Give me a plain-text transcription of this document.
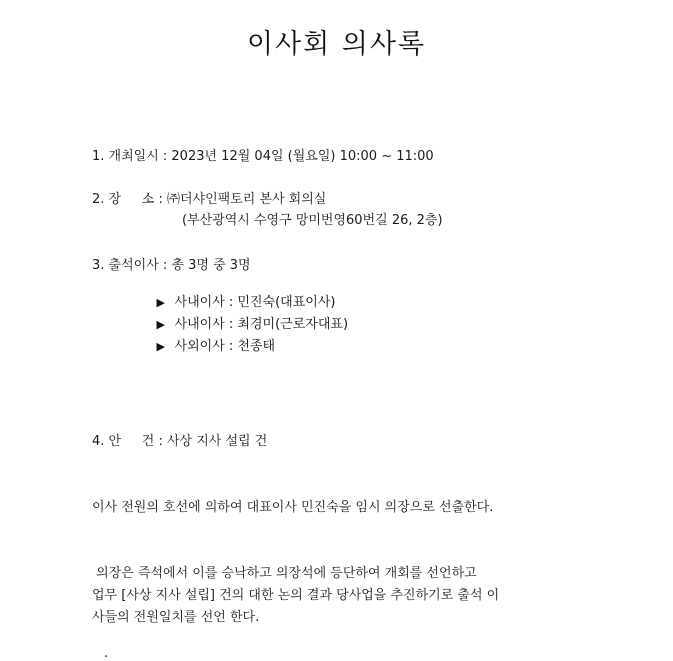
이사회 의사록
1. 개최일시 : 2023년 12월 04일 (월요일) 10:00 ~ 11:00
2. 장     소 : ㈜더샤인팩토리 본사 회의실
(부산광역시 수영구 망미번영60번길 26, 2층)
3. 출석이사 : 총 3명 중 3명

▶ 사내이사 : 민진숙(대표이사)

▶ 사내이사 : 최경미(근로자대표)

▶ 사외이사 : 천종태

4. 안     건 : 사상 지사 설립 건
이사 전원의 호선에 의하여 대표이사 민진숙을 임시 의장으로 선출한다.
의장은 즉석에서 이를 승낙하고 의장석에 등단하여 개회를 선언하고
업무 [사상 지사 설립] 건의 대한 논의 결과 당사업을 추진하기로 출석 이
사들의 전원일치를 선언 한다.
.
